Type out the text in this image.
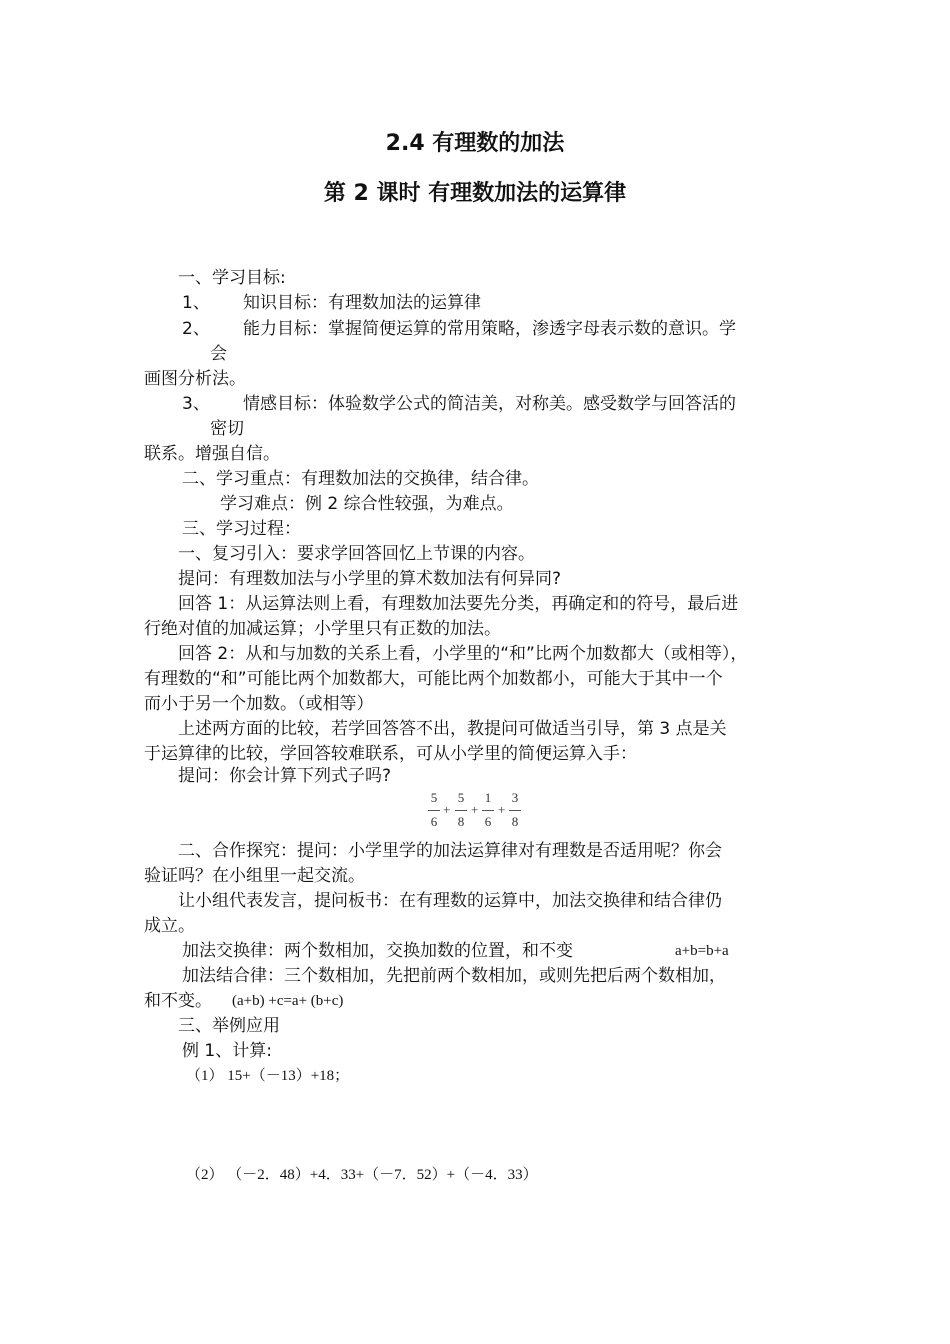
2.4 有理数的加法
第 2 课时 有理数加法的运算律
一、学习目标:
1、 知识目标：有理数加法的运算律
2、 能力目标：掌握简便运算的常用策略，渗透字母表示数的意识。学
会
画图分析法。
3、 情感目标：体验数学公式的简洁美，对称美。感受数学与回答活的
密切
联系。增强自信。
二、学习重点：有理数加法的交换律，结合律。
学习难点：例 2 综合性较强，为难点。
三、学习过程：
一、复习引入：要求学回答回忆上节课的内容。
提问：有理数加法与小学里的算术数加法有何异同?
回答 1：从运算法则上看，有理数加法要先分类，再确定和的符号，最后进
行绝对值的加减运算；小学里只有正数的加法。
回答 2：从和与加数的关系上看，小学里的“和”比两个加数都大（或相等），
有理数的“和”可能比两个加数都大，可能比两个加数都小，可能大于其中一个
而小于另一个加数。（或相等）
上述两方面的比较，若学回答答不出，教提问可做适当引导，第 3 点是关
于运算律的比较，学回答较难联系，可从小学里的简便运算入手：
提问：你会计算下列式子吗?
5
6
+
5
8
+
1
6
+
3
8
二、合作探究：提问：小学里学的加法运算律对有理数是否适用呢？你会
验证吗？在小组里一起交流。
让小组代表发言，提问板书：在有理数的运算中，加法交换律和结合律仍
成立。
加法交换律：两个数相加，交换加数的位置，和不变	a+b=b+a
加法结合律：三个数相加，先把前两个数相加，或则先把后两个数相加，
和不变。 (a+b) +c=a+ (b+c)
三、举例应用
例 1、计算:
（1） 15+（－13）+18；
（2） （－2．48）+4．33+（－7．52）+（－4．33）
